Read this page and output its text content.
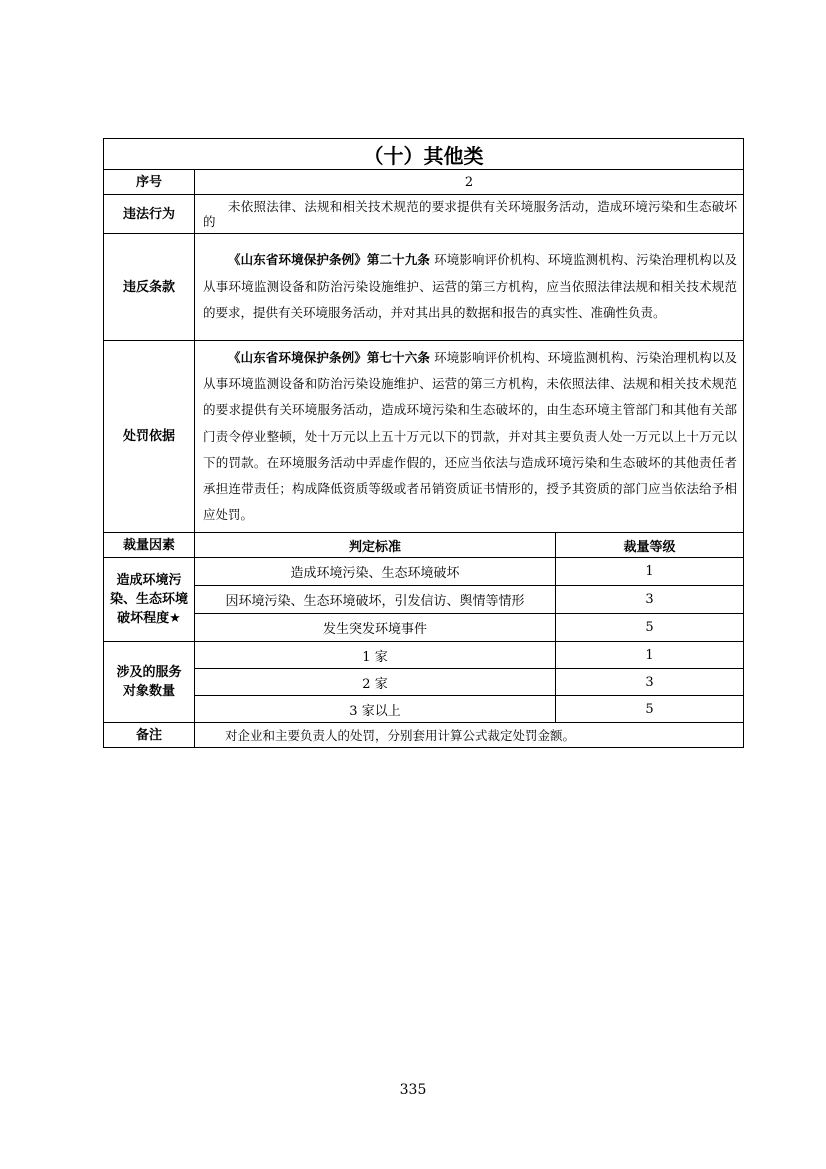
（十）其他类		
序号	2	
违法行为	未依照法律、法规和相关技术规范的要求提供有关环境服务活动，造成环境污染和生态破坏的	

违反条款	《山东省环境保护条例》第二十九条 环境影响评价机构、环境监测机构、污染治理机构以及从事环境监测设备和防治污染设施维护、运营的第三方机构，应当依照法律法规和相关技术规范的要求，提供有关环境服务活动，并对其出具的数据和报告的真实性、准确性负责。	

处罚依据	《山东省环境保护条例》第七十六条 环境影响评价机构、环境监测机构、污染治理机构以及从事环境监测设备和防治污染设施维护、运营的第三方机构，未依照法律、法规和相关技术规范的要求提供有关环境服务活动，造成环境污染和生态破坏的，由生态环境主管部门和其他有关部门责令停业整顿，处十万元以上五十万元以下的罚款，并对其主要负责人处一万元以上十万元以下的罚款。在环境服务活动中弄虚作假的，还应当依法与造成环境污染和生态破坏的其他责任者承担连带责任；构成降低资质等级或者吊销资质证书情形的，授予其资质的部门应当依法给予相应处罚。	

裁量因素	判定标准	裁量等级
造成环境污染、生态环境破坏程度★	造成环境污染、生态环境破坏	1
	因环境污染、生态环境破坏，引发信访、舆情等情形	3
	发生突发环境事件	5
涉及的服务对象数量	1 家	1
	2 家	3
	3 家以上	5
备注	对企业和主要负责人的处罚，分别套用计算公式裁定处罚金额。	
335
